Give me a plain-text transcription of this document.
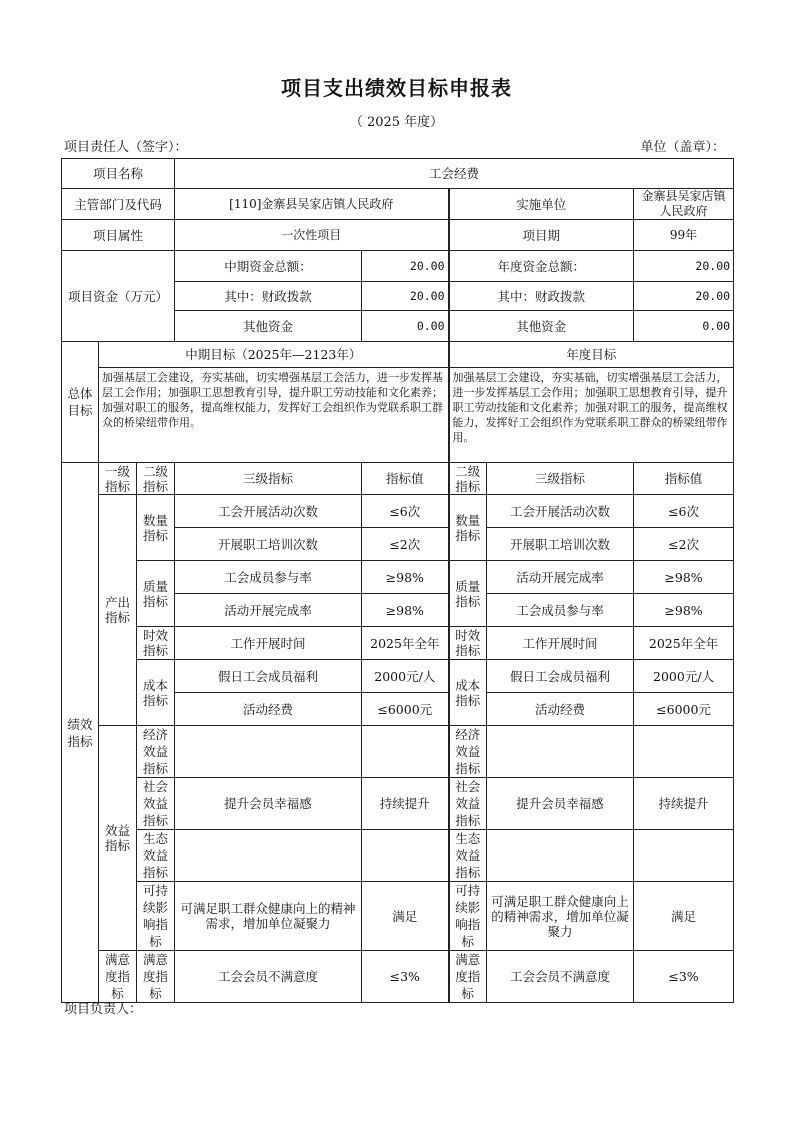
项目支出绩效目标申报表
（ 2025 年度）
项目责任人（签字）：	单位（盖章）：
项目名称			工会经费				
主管部门及代码			[110]金寨县吴家店镇人民政府		实施单位		金寨县吴家店镇人民政府
项目属性			一次性项目		项目期		99年
项目资金（万元）			中期资金总额：	20.00	年度资金总额：		20.00
			其中：财政拨款	20.00	其中：财政拨款		20.00
			其他资金	0.00	其他资金		0.00
总体目标	中期目标（2025年—2123年）				年度目标		
	加强基层工会建设，夯实基础，切实增强基层工会活力，进一步发挥基层工会作用；加强职工思想教育引导，提升职工劳动技能和文化素养；加强对职工的服务，提高维权能力，发挥好工会组织作为党联系职工群众的桥梁纽带作用。				加强基层工会建设，夯实基础，切实增强基层工会活力，进一步发挥基层工会作用；加强职工思想教育引导，提升职工劳动技能和文化素养；加强对职工的服务，提高维权能力，发挥好工会组织作为党联系职工群众的桥梁纽带作用。		
绩效指标	一级指标	二级指标	三级指标	指标值	二级指标	三级指标	指标值
	产出指标	数量指标	工会开展活动次数	≤6次	数量指标	工会开展活动次数	≤6次
			开展职工培训次数	≤2次		开展职工培训次数	≤2次
		质量指标	工会成员参与率	≥98%	质量指标	活动开展完成率	≥98%
			活动开展完成率	≥98%		工会成员参与率	≥98%
		时效指标	工作开展时间	2025年全年	时效指标	工作开展时间	2025年全年
		成本指标	假日工会成员福利	2000元/人	成本指标	假日工会成员福利	2000元/人
			活动经费	≤6000元		活动经费	≤6000元
	效益指标	经济效益指标			经济效益指标		
		社会效益指标	提升会员幸福感	持续提升	社会效益指标	提升会员幸福感	持续提升
		生态效益指标			生态效益指标		
		可持续影响指标	可满足职工群众健康向上的精神需求，增加单位凝聚力	满足	可持续影响指标	可满足职工群众健康向上的精神需求，增加单位凝聚力	满足
	满意度指标	满意度指标	工会会员不满意度	≤3%	满意度指标	工会会员不满意度	≤3%
项目负责人：
